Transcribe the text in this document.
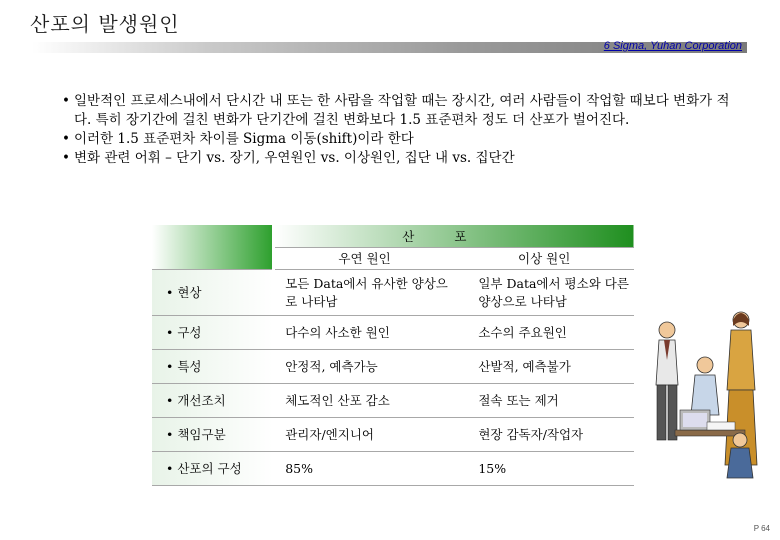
산포의 발생원인
6 Sigma, Yuhan Corporation
• 일반적인 프로세스내에서 단시간 내 또는 한 사람을 작업할 때는 장시간, 여러 사람들이 작업할 때보다 변화가 적다. 특히 장기간에 걸친 변화가 단기간에 걸친 변화보다 1.5 표준편차 정도 더 산포가 벌어진다.
• 이러한 1.5 표준편차 차이를 Sigma 이동(shift)이라 한다
• 변화 관련 어휘 – 단기 vs. 장기, 우연원인 vs. 이상원인, 집단 내 vs. 집단간
	산포	
	우연 원인	이상 원인
• 현상	모든 Data에서 유사한 양상으로 나타남	일부 Data에서 평소와 다른 양상으로 나타남
• 구성	다수의 사소한 원인	소수의 주요원인
• 특성	안정적, 예측가능	산발적, 예측불가
• 개선조치	체도적인 산포 감소	절속 또는 제거
• 책임구분	관리자/엔지니어	현장 감독자/작업자
• 산포의 구성	85%	15%
P 64
